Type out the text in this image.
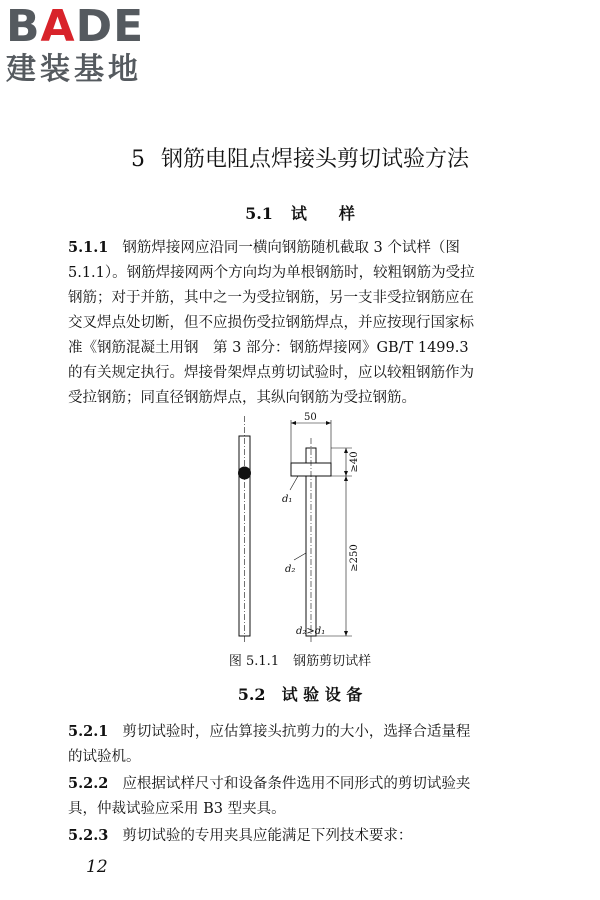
BADE
建装基地
5 钢筋电阻点焊接头剪切试验方法
5.1 试　　样
5.1.1 钢筋焊接网应沿同一横向钢筋随机截取 3 个试样（图
5.1.1）。钢筋焊接网两个方向均为单根钢筋时，较粗钢筋为受拉
钢筋；对于并筋，其中之一为受拉钢筋，另一支非受拉钢筋应在
交叉焊点处切断，但不应损伤受拉钢筋焊点，并应按现行国家标
准《钢筋混凝土用钢　第 3 部分：钢筋焊接网》GB/T 1499.3
的有关规定执行。焊接骨架焊点剪切试验时，应以较粗钢筋作为
受拉钢筋；同直径钢筋焊点，其纵向钢筋为受拉钢筋。
50
≥40
≥250
d₁
d₂
d₂>d₁
图 5.1.1 钢筋剪切试样
5.2 试 验 设 备
5.2.1 剪切试验时，应估算接头抗剪力的大小，选择合适量程
的试验机。
5.2.2 应根据试样尺寸和设备条件选用不同形式的剪切试验夹
具，仲裁试验应采用 B3 型夹具。
5.2.3 剪切试验的专用夹具应能满足下列技术要求：
12
